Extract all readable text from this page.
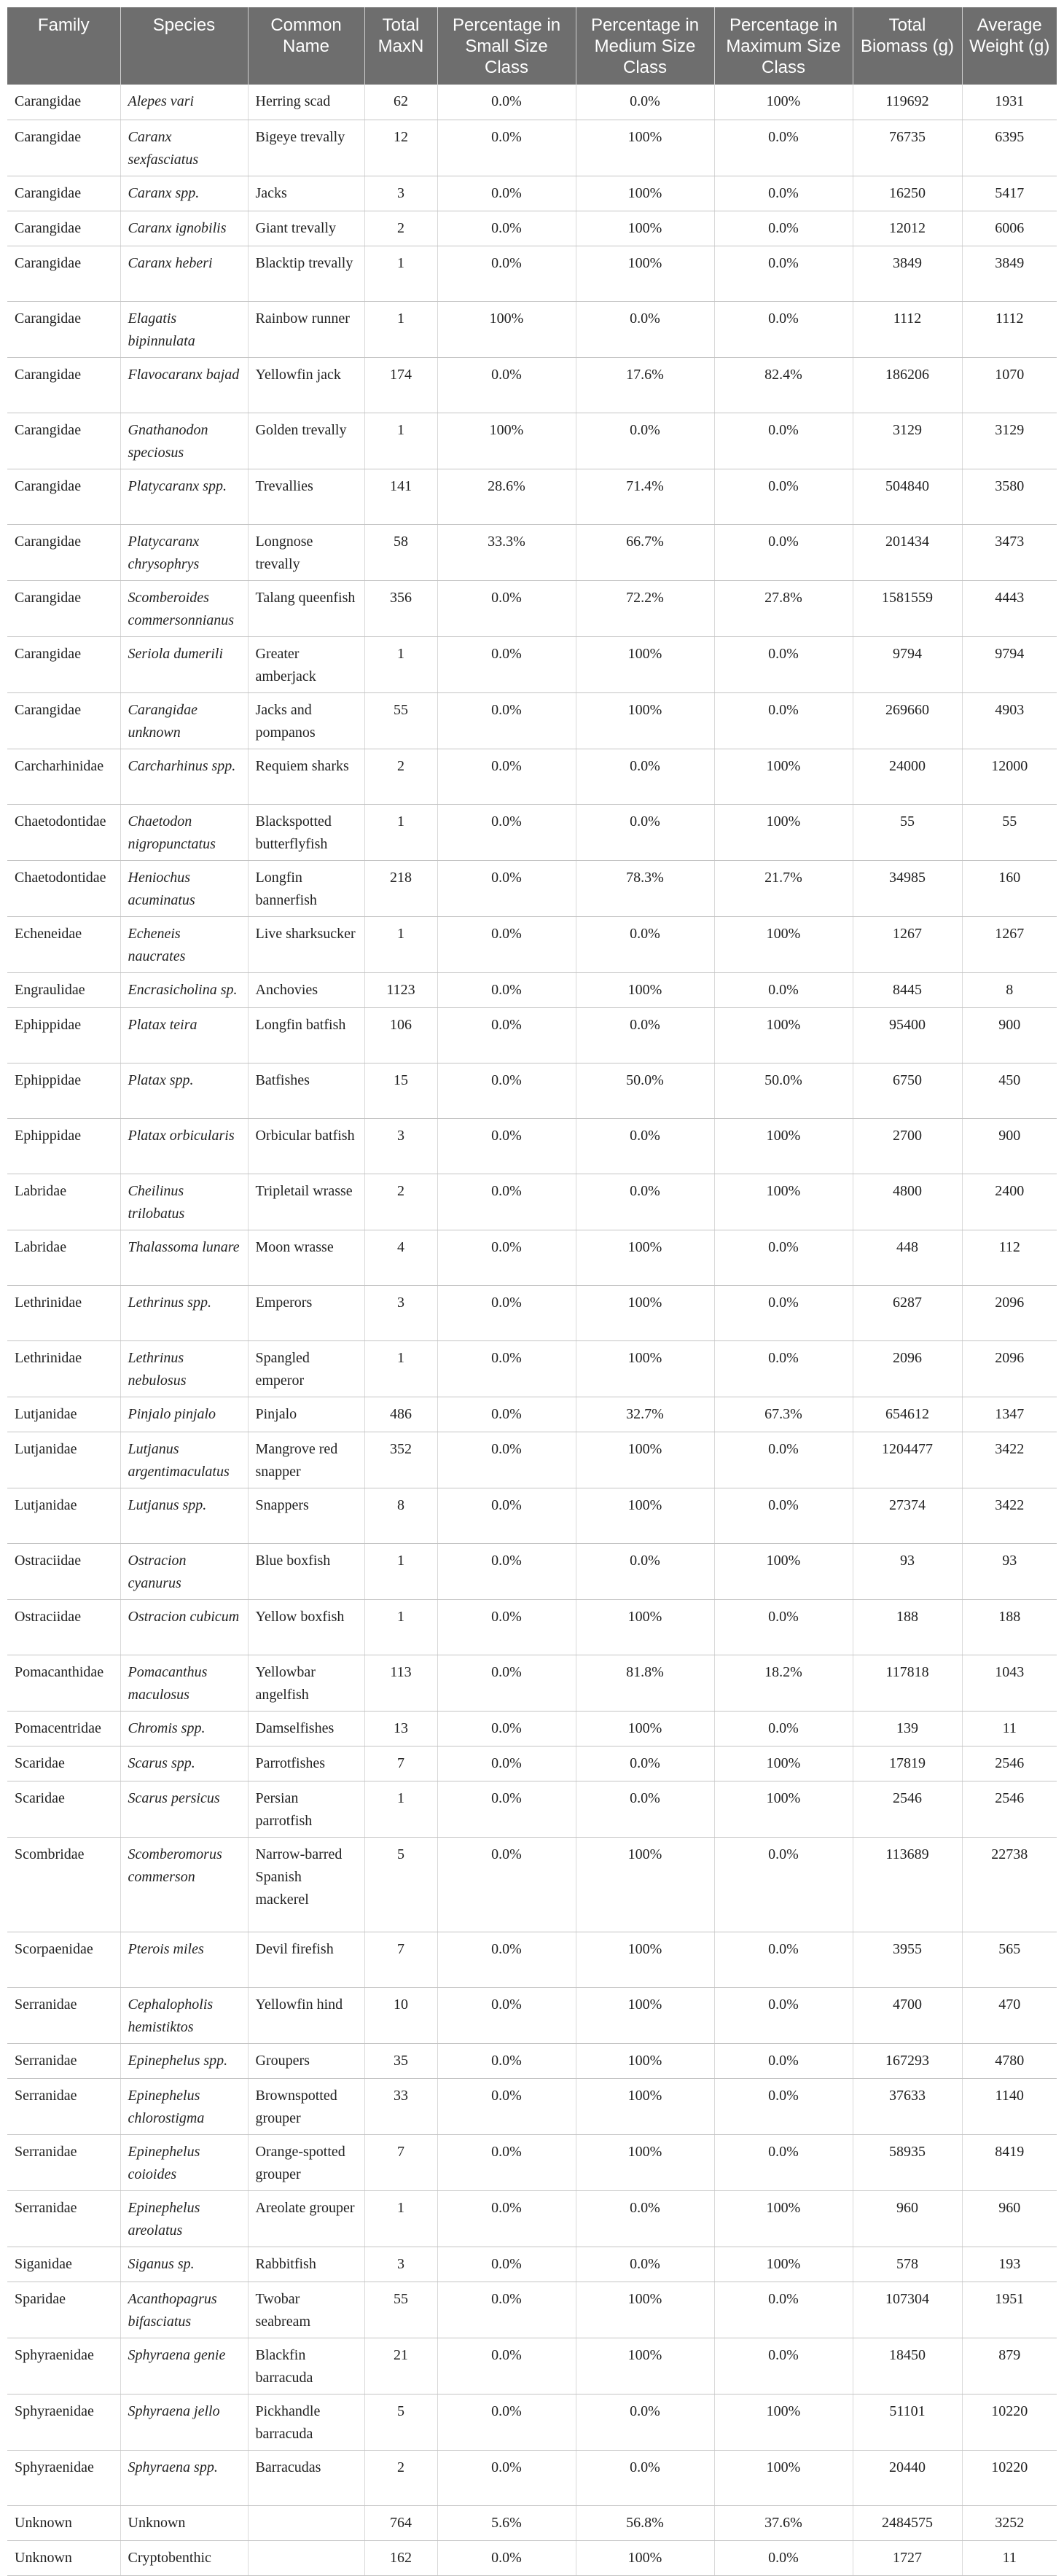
Family	Species	Common Name	Total MaxN	Percentage in Small Size Class	Percentage in Medium Size Class	Percentage in Maximum Size Class	Total Biomass (g)	Average Weight (g)
Carangidae	Alepes vari	Herring scad	62	0.0%	0.0%	100%	119692	1931
Carangidae	Caranx sexfasciatus	Bigeye trevally	12	0.0%	100%	0.0%	76735	6395
Carangidae	Caranx spp.	Jacks	3	0.0%	100%	0.0%	16250	5417
Carangidae	Caranx ignobilis	Giant trevally	2	0.0%	100%	0.0%	12012	6006
Carangidae	Caranx heberi	Blacktip trevally	1	0.0%	100%	0.0%	3849	3849
Carangidae	Elagatis bipinnulata	Rainbow runner	1	100%	0.0%	0.0%	1112	1112
Carangidae	Flavocaranx bajad	Yellowfin jack	174	0.0%	17.6%	82.4%	186206	1070
Carangidae	Gnathanodon speciosus	Golden trevally	1	100%	0.0%	0.0%	3129	3129
Carangidae	Platycaranx spp.	Trevallies	141	28.6%	71.4%	0.0%	504840	3580
Carangidae	Platycaranx chrysophrys	Longnose trevally	58	33.3%	66.7%	0.0%	201434	3473
Carangidae	Scomberoides commersonnianus	Talang queenfish	356	0.0%	72.2%	27.8%	1581559	4443
Carangidae	Seriola dumerili	Greater amberjack	1	0.0%	100%	0.0%	9794	9794
Carangidae	Carangidae unknown	Jacks and pompanos	55	0.0%	100%	0.0%	269660	4903
Carcharhinidae	Carcharhinus spp.	Requiem sharks	2	0.0%	0.0%	100%	24000	12000
Chaetodontidae	Chaetodon nigropunctatus	Blackspotted butterflyfish	1	0.0%	0.0%	100%	55	55
Chaetodontidae	Heniochus acuminatus	Longfin bannerfish	218	0.0%	78.3%	21.7%	34985	160
Echeneidae	Echeneis naucrates	Live sharksucker	1	0.0%	0.0%	100%	1267	1267
Engraulidae	Encrasicholina sp.	Anchovies	1123	0.0%	100%	0.0%	8445	8
Ephippidae	Platax teira	Longfin batfish	106	0.0%	0.0%	100%	95400	900
Ephippidae	Platax spp.	Batfishes	15	0.0%	50.0%	50.0%	6750	450
Ephippidae	Platax orbicularis	Orbicular batfish	3	0.0%	0.0%	100%	2700	900
Labridae	Cheilinus trilobatus	Tripletail wrasse	2	0.0%	0.0%	100%	4800	2400
Labridae	Thalassoma lunare	Moon wrasse	4	0.0%	100%	0.0%	448	112
Lethrinidae	Lethrinus spp.	Emperors	3	0.0%	100%	0.0%	6287	2096
Lethrinidae	Lethrinus nebulosus	Spangled emperor	1	0.0%	100%	0.0%	2096	2096
Lutjanidae	Pinjalo pinjalo	Pinjalo	486	0.0%	32.7%	67.3%	654612	1347
Lutjanidae	Lutjanus argentimaculatus	Mangrove red snapper	352	0.0%	100%	0.0%	1204477	3422
Lutjanidae	Lutjanus spp.	Snappers	8	0.0%	100%	0.0%	27374	3422
Ostraciidae	Ostracion cyanurus	Blue boxfish	1	0.0%	0.0%	100%	93	93
Ostraciidae	Ostracion cubicum	Yellow boxfish	1	0.0%	100%	0.0%	188	188
Pomacanthidae	Pomacanthus maculosus	Yellowbar angelfish	113	0.0%	81.8%	18.2%	117818	1043
Pomacentridae	Chromis spp.	Damselfishes	13	0.0%	100%	0.0%	139	11
Scaridae	Scarus spp.	Parrotfishes	7	0.0%	0.0%	100%	17819	2546
Scaridae	Scarus persicus	Persian parrotfish	1	0.0%	0.0%	100%	2546	2546
Scombridae	Scomberomorus commerson	Narrow-barred Spanish mackerel	5	0.0%	100%	0.0%	113689	22738
Scorpaenidae	Pterois miles	Devil firefish	7	0.0%	100%	0.0%	3955	565
Serranidae	Cephalopholis hemistiktos	Yellowfin hind	10	0.0%	100%	0.0%	4700	470
Serranidae	Epinephelus spp.	Groupers	35	0.0%	100%	0.0%	167293	4780
Serranidae	Epinephelus chlorostigma	Brownspotted grouper	33	0.0%	100%	0.0%	37633	1140
Serranidae	Epinephelus coioides	Orange-spotted grouper	7	0.0%	100%	0.0%	58935	8419
Serranidae	Epinephelus areolatus	Areolate grouper	1	0.0%	0.0%	100%	960	960
Siganidae	Siganus sp.	Rabbitfish	3	0.0%	0.0%	100%	578	193
Sparidae	Acanthopagrus bifasciatus	Twobar seabream	55	0.0%	100%	0.0%	107304	1951
Sphyraenidae	Sphyraena genie	Blackfin barracuda	21	0.0%	100%	0.0%	18450	879
Sphyraenidae	Sphyraena jello	Pickhandle barracuda	5	0.0%	0.0%	100%	51101	10220
Sphyraenidae	Sphyraena spp.	Barracudas	2	0.0%	0.0%	100%	20440	10220
Unknown	Unknown		764	5.6%	56.8%	37.6%	2484575	3252
Unknown	Cryptobenthic		162	0.0%	100%	0.0%	1727	11
